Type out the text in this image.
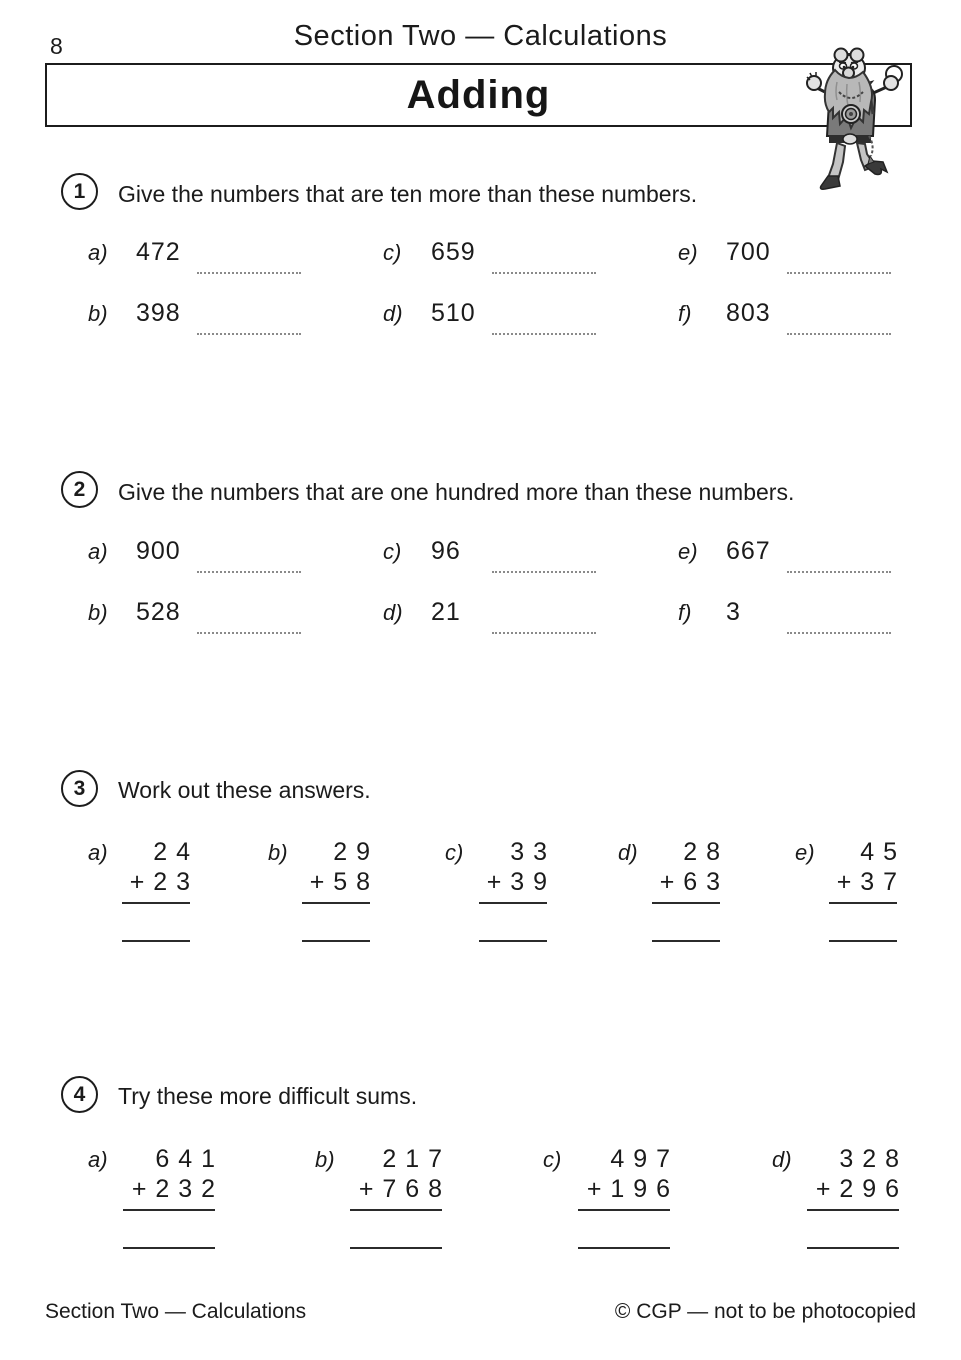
8	Section Two — Calculations
Adding
1	Give the numbers that are ten more than these numbers.
a) 472
b) 398
c) 659
d) 510
e) 700
f) 803
2	Give the numbers that are one hundred more than these numbers.
a) 900
b) 528
c) 96
d) 21
e) 667
f) 3
3	Work out these answers.
a)	2 4
+ 2 3
b)	2 9
+ 5 8
c)	3 3
+ 3 9
d)	2 8
+ 6 3
e)	4 5
+ 3 7
4	Try these more difficult sums.
a)	6 4 1
+ 2 3 2
b)	2 1 7
+ 7 6 8
c)	4 9 7
+ 1 9 6
d)	3 2 8
+ 2 9 6
Section Two — Calculations	© CGP — not to be photocopied
